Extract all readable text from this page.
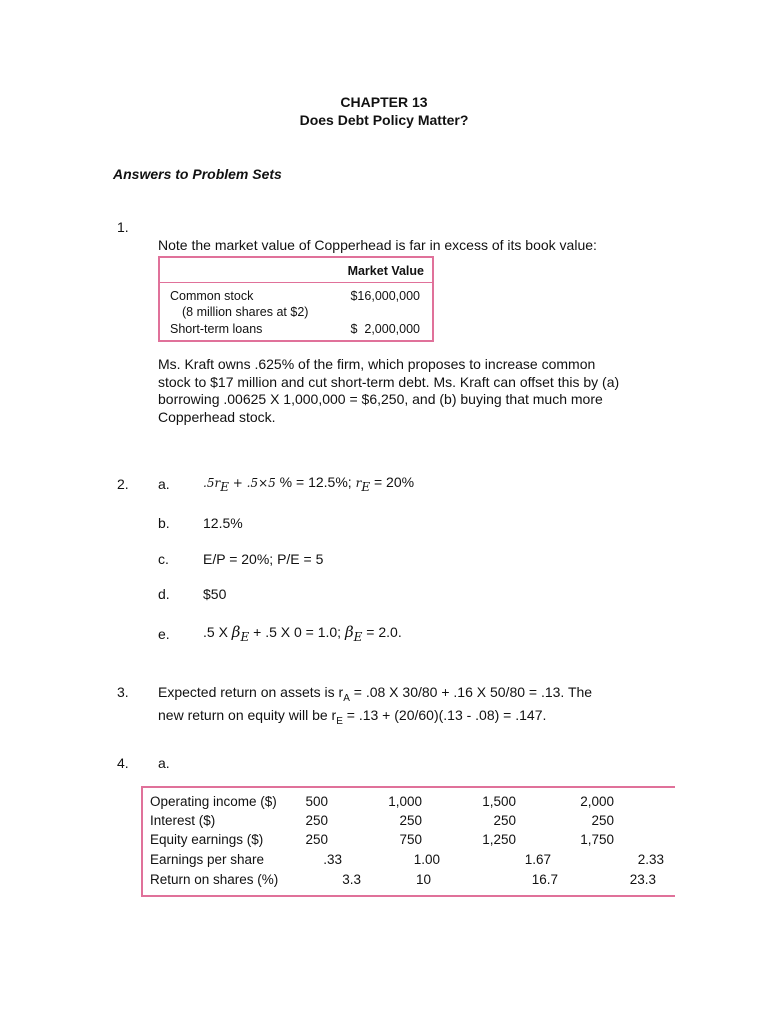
CHAPTER 13
Does Debt Policy Matter?
Answers to Problem Sets
1.
Note the market value of Copperhead is far in excess of its book value:
Market Value
Common stock	$16,000,000
(8 million shares at $2)
Short-term loans	$  2,000,000
Ms. Kraft owns .625% of the firm, which proposes to increase common
stock to $17 million and cut short-term debt. Ms. Kraft can offset this by (a)
borrowing .00625 X 1,000,000 = $6,250, and (b) buying that much more
Copperhead stock.
2. a.	$.5r_E + .5\times 5$ % = 12.5%; $r_E = 20\%$
b. 12.5%
c. E/P = 20%; P/E = 5
d. $50
e. .5 X $\beta_E + .5$ X 0 = 1.0; $\beta_E = 2.0$.
3. Expected return on assets is $r_A = .08$ X 30/80 + .16 X 50/80 = .13. The
new return on equity will be $r_E = .13 + (20/60)(.13 - .08) = .147$.
4. a.
Operating income ($) 500	1,000	1,500	2,000
Interest ($)	250	250	250	250
Equity earnings ($)	250	750	1,250	1,750
Earnings per share	.33	1.00	1.67	2.33
Return on shares (%)	3.3	10	16.7	23.3
